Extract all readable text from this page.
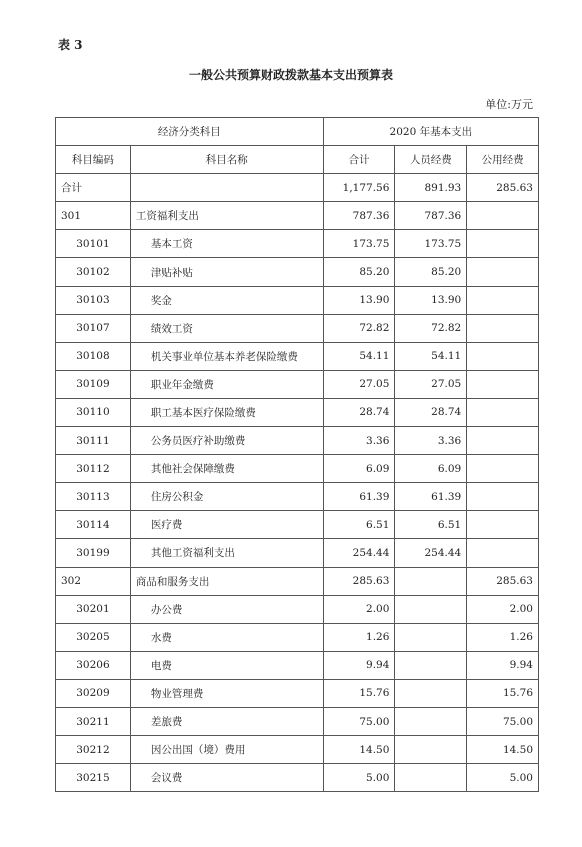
表 3
一般公共预算财政拨款基本支出预算表
单位:万元
经济分类科目		2020 年基本支出		
科目编码	科目名称	合计	人员经费	公用经费
合计		1,177.56	891.93	285.63
301	工资福利支出	787.36	787.36	
30101	基本工资	173.75	173.75	
30102	津贴补贴	85.20	85.20	
30103	奖金	13.90	13.90	
30107	绩效工资	72.82	72.82	
30108	机关事业单位基本养老保险缴费	54.11	54.11	
30109	职业年金缴费	27.05	27.05	
30110	职工基本医疗保险缴费	28.74	28.74	
30111	公务员医疗补助缴费	3.36	3.36	
30112	其他社会保障缴费	6.09	6.09	
30113	住房公积金	61.39	61.39	
30114	医疗费	6.51	6.51	
30199	其他工资福利支出	254.44	254.44	
302	商品和服务支出	285.63		285.63
30201	办公费	2.00		2.00
30205	水费	1.26		1.26
30206	电费	9.94		9.94
30209	物业管理费	15.76		15.76
30211	差旅费	75.00		75.00
30212	因公出国（境）费用	14.50		14.50
30215	会议费	5.00		5.00
